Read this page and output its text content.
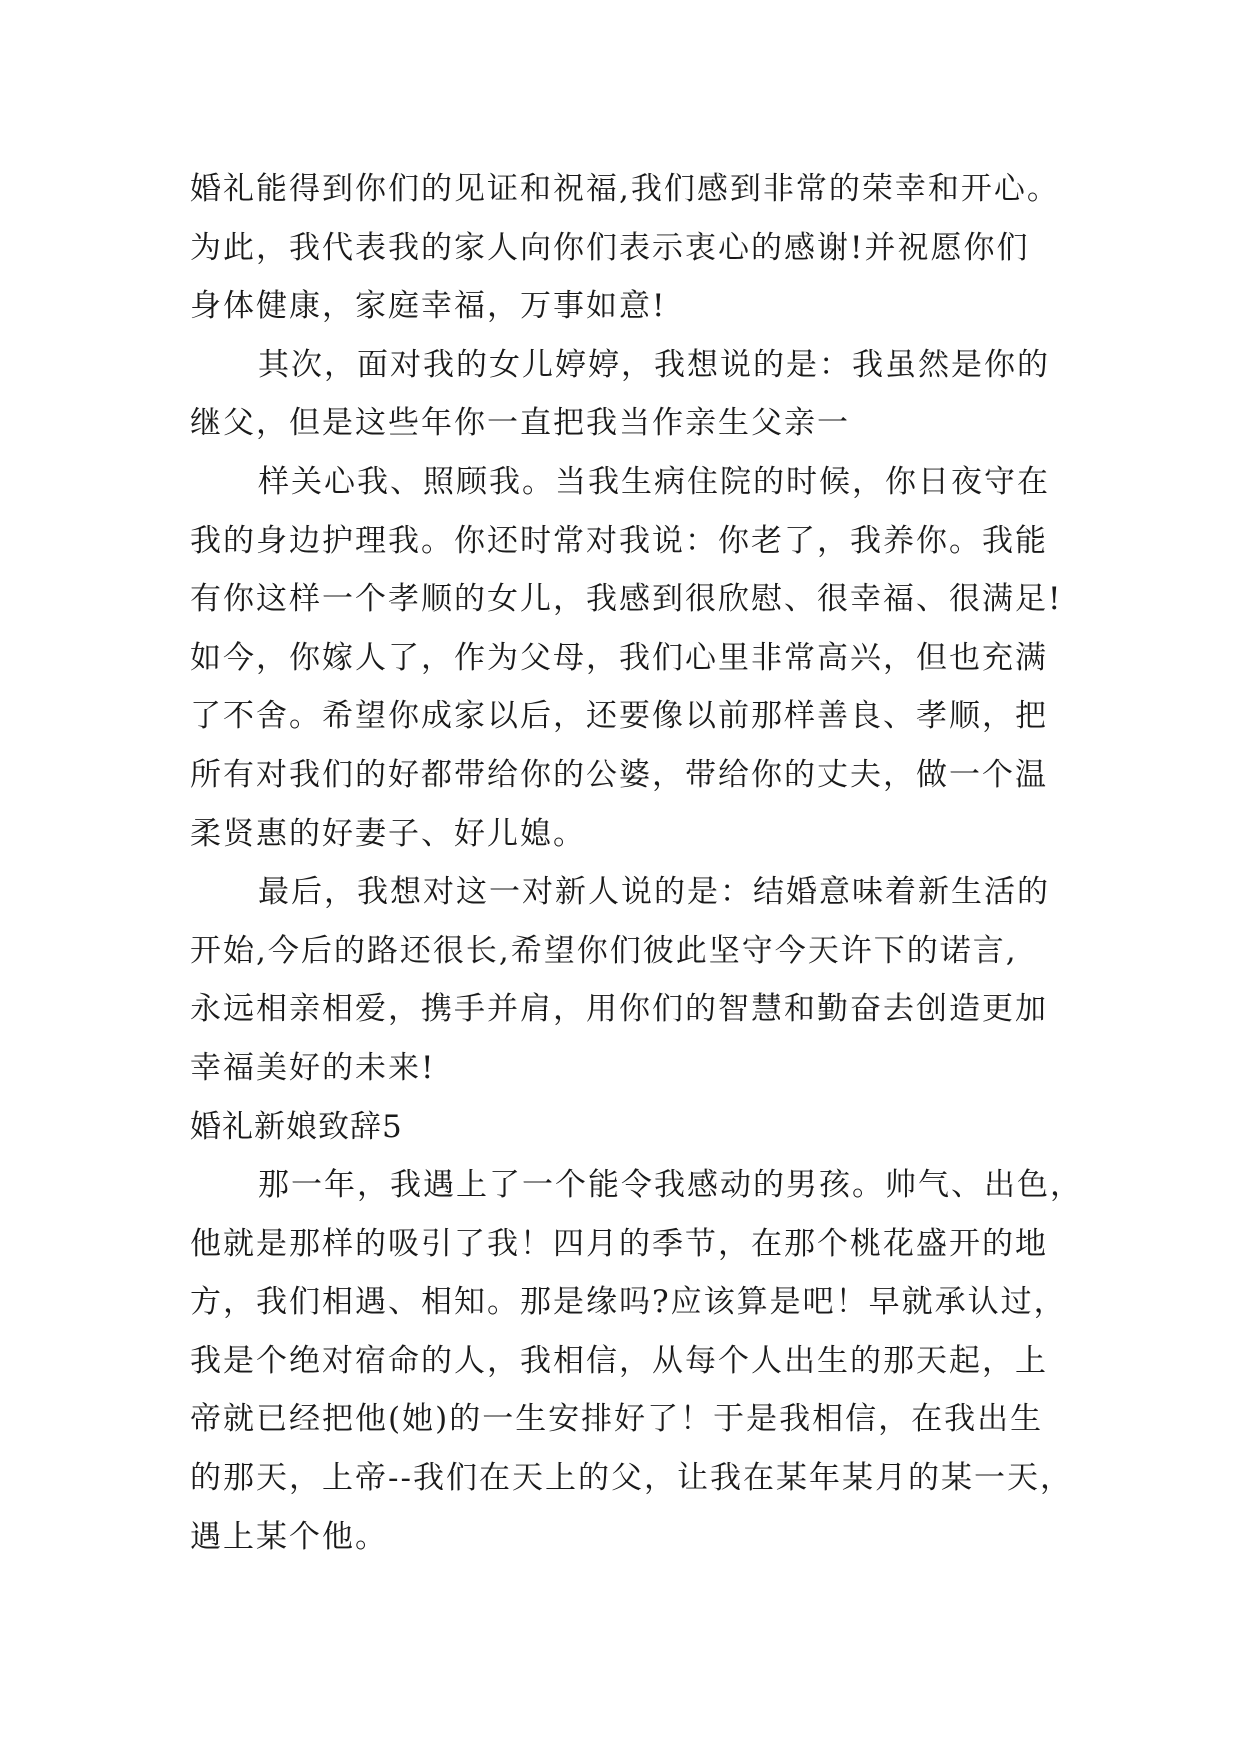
婚礼能得到你们的见证和祝福,我们感到非常的荣幸和开心。
为此，我代表我的家人向你们表示衷心的感谢!并祝愿你们
身体健康，家庭幸福，万事如意!
其次，面对我的女儿婷婷，我想说的是：我虽然是你的
继父，但是这些年你一直把我当作亲生父亲一
样关心我、照顾我。当我生病住院的时候，你日夜守在
我的身边护理我。你还时常对我说：你老了，我养你。我能
有你这样一个孝顺的女儿，我感到很欣慰、很幸福、很满足!
如今，你嫁人了，作为父母，我们心里非常高兴，但也充满
了不舍。希望你成家以后，还要像以前那样善良、孝顺，把
所有对我们的好都带给你的公婆，带给你的丈夫，做一个温
柔贤惠的好妻子、好儿媳。
最后，我想对这一对新人说的是：结婚意味着新生活的
开始,今后的路还很长,希望你们彼此坚守今天许下的诺言,
永远相亲相爱，携手并肩，用你们的智慧和勤奋去创造更加
幸福美好的未来!
婚礼新娘致辞5
那一年，我遇上了一个能令我感动的男孩。帅气、出色，
他就是那样的吸引了我！四月的季节，在那个桃花盛开的地
方，我们相遇、相知。那是缘吗?应该算是吧！早就承认过，
我是个绝对宿命的人，我相信，从每个人出生的那天起，上
帝就已经把他(她)的一生安排好了！于是我相信，在我出生
的那天，上帝--我们在天上的父，让我在某年某月的某一天，
遇上某个他。
